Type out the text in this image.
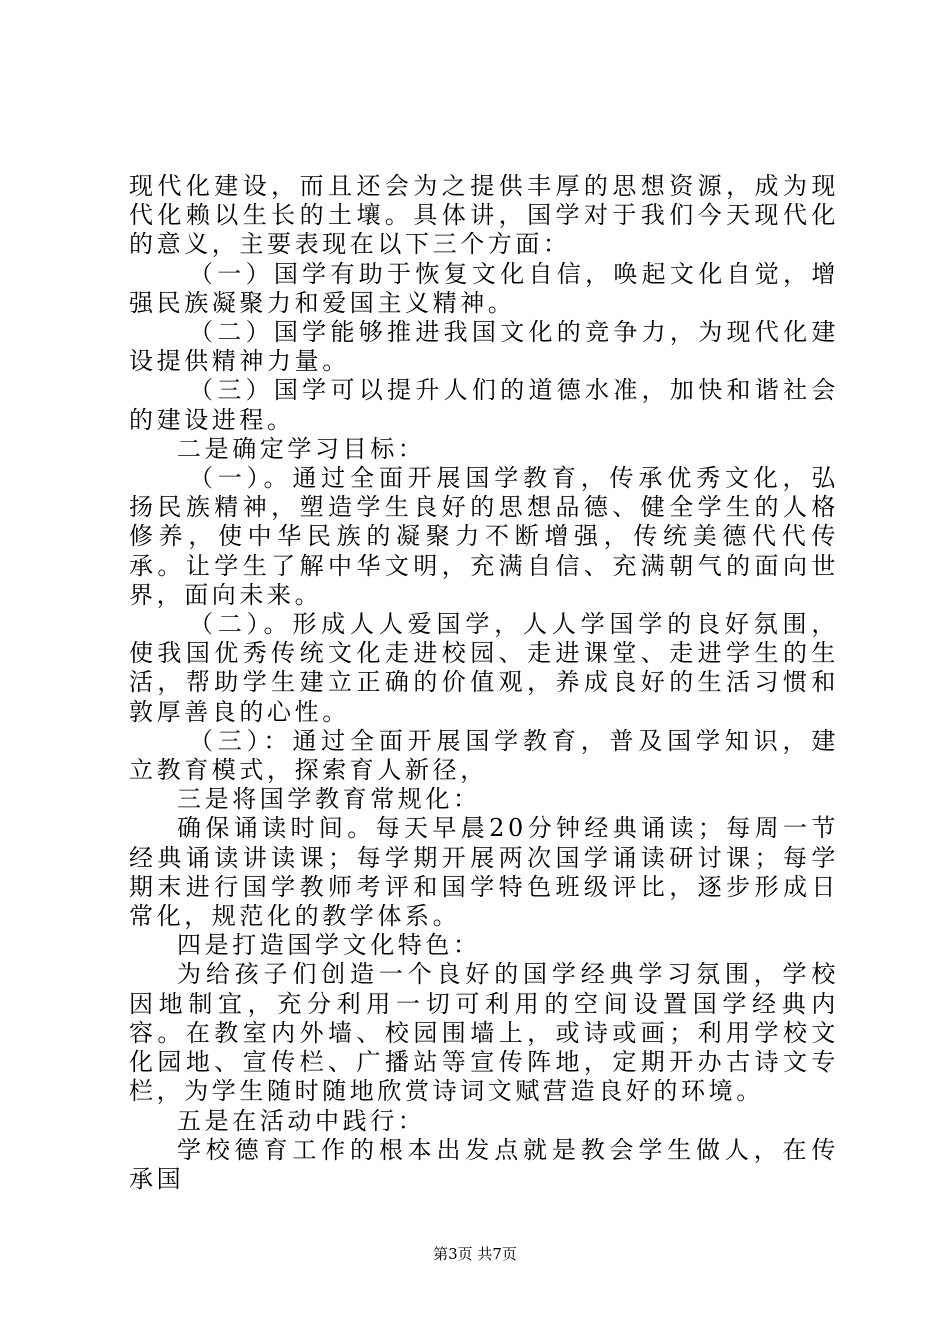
现代化建设，而且还会为之提供丰厚的思想资源，成为现代化赖以生长的土壤。具体讲，国学对于我们今天现代化的意义，主要表现在以下三个方面：

（一）国学有助于恢复文化自信，唤起文化自觉，增强民族凝聚力和爱国主义精神。

（二）国学能够推进我国文化的竞争力，为现代化建设提供精神力量。

（三）国学可以提升人们的道德水准，加快和谐社会的建设进程。

二是确定学习目标：

（一）。通过全面开展国学教育，传承优秀文化，弘扬民族精神，塑造学生良好的思想品德、健全学生的人格修养，使中华民族的凝聚力不断增强，传统美德代代传承。让学生了解中华文明，充满自信、充满朝气的面向世界，面向未来。

（二）。形成人人爱国学，人人学国学的良好氛围，使我国优秀传统文化走进校园、走进课堂、走进学生的生活，帮助学生建立正确的价值观，养成良好的生活习惯和敦厚善良的心性。

（三）：通过全面开展国学教育，普及国学知识，建立教育模式，探索育人新径，

三是将国学教育常规化：

确保诵读时间。每天早晨20分钟经典诵读；每周一节经典诵读讲读课；每学期开展两次国学诵读研讨课；每学期末进行国学教师考评和国学特色班级评比，逐步形成日常化，规范化的教学体系。

四是打造国学文化特色：

为给孩子们创造一个良好的国学经典学习氛围，学校因地制宜，充分利用一切可利用的空间设置国学经典内容。在教室内外墙、校园围墙上，或诗或画；利用学校文化园地、宣传栏、广播站等宣传阵地，定期开办古诗文专栏，为学生随时随地欣赏诗词文赋营造良好的环境。

五是在活动中践行：

学校德育工作的根本出发点就是教会学生做人，在传承国

第3页 共7页
